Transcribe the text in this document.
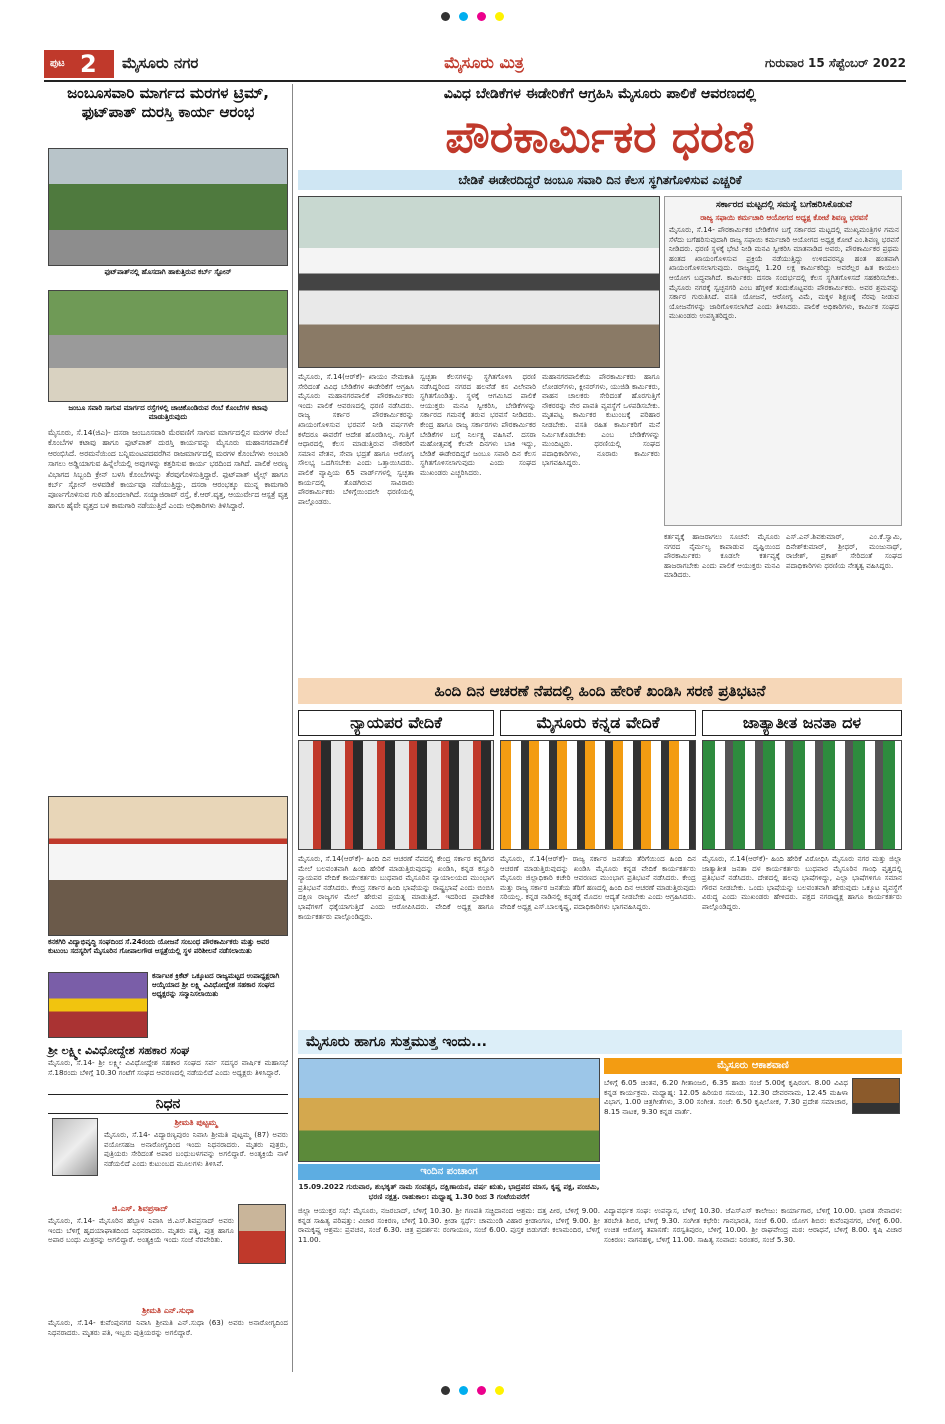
ಪುಟ 2 ಮೈಸೂರು ನಗರ	ಮೈಸೂರು ಮಿತ್ರ	ಗುರುವಾರ 15 ಸೆಪ್ಟೆಂಬರ್ 2022
ಜಂಬೂಸವಾರಿ ಮಾರ್ಗದ ಮರಗಳ ಟ್ರಿಮ್, ಫುಟ್‌ಪಾತ್ ದುರಸ್ತಿ ಕಾರ್ಯ ಆರಂಭ
ಫುಟ್‌ಪಾತ್‌ನಲ್ಲಿ ಹೊಸದಾಗಿ ಹಾಕುತ್ತಿರುವ ಕರ್ಬ್ ಸ್ಟೋನ್
ಜಂಬೂ ಸವಾರಿ ಸಾಗುವ ಮಾರ್ಗದ ರಸ್ತೆಗಳಲ್ಲಿ ಚಾಚಿಕೊಂಡಿರುವ ರೆಂಬೆ ಕೊಂಬೆಗಳ ಕಟಾವು ಮಾಡುತ್ತಿರುವುದು
ಮೈಸೂರು, ಸೆ.14(ಜಿಎ)- ದಸರಾ ಜಂಬೂಸವಾರಿ ಮೆರವಣಿಗೆ ಸಾಗುವ ಮಾರ್ಗದಲ್ಲಿನ ಮರಗಳ ರೆಂಬೆ ಕೊಂಬೆಗಳ ಕಟಾವು ಹಾಗೂ ಫುಟ್‌ಪಾತ್ ದುರಸ್ತಿ ಕಾರ್ಯವನ್ನು ಮೈಸೂರು ಮಹಾನಗರಪಾಲಿಕೆ ಆರಂಭಿಸಿದೆ. ಅರಮನೆಯಿಂದ ಬನ್ನಿಮಂಟಪದವರೆಗಿನ ರಾಜಮಾರ್ಗದಲ್ಲಿ ಮರಗಳ ಕೊಂಬೆಗಳು ಅಂಬಾರಿ ಸಾಗಲು ಅಡ್ಡಿಯಾಗುವ ಹಿನ್ನೆಲೆಯಲ್ಲಿ ಅವುಗಳನ್ನು ಕತ್ತರಿಸುವ ಕಾರ್ಯ ಭರದಿಂದ ಸಾಗಿದೆ. ಪಾಲಿಕೆ ಅರಣ್ಯ ವಿಭಾಗದ ಸಿಬ್ಬಂದಿ ಕ್ರೇನ್ ಬಳಸಿ ಕೊಂಬೆಗಳನ್ನು ತೆರವುಗೊಳಿಸುತ್ತಿದ್ದಾರೆ. ಫುಟ್‌ಪಾತ್ ಟೈಲ್ಸ್ ಹಾಗೂ ಕರ್ಬ್ ಸ್ಟೋನ್ ಅಳವಡಿಕೆ ಕಾರ್ಯವೂ ನಡೆಯುತ್ತಿದ್ದು, ದಸರಾ ಆರಂಭಕ್ಕೂ ಮುನ್ನ ಕಾಮಗಾರಿ ಪೂರ್ಣಗೊಳಿಸುವ ಗುರಿ ಹೊಂದಲಾಗಿದೆ. ಸಯ್ಯಾಜಿರಾವ್ ರಸ್ತೆ, ಕೆ.ಆರ್.ವೃತ್ತ, ಆಯುರ್ವೇದ ಆಸ್ಪತ್ರೆ ವೃತ್ತ ಹಾಗೂ ಹೈವೇ ವೃತ್ತದ ಬಳಿ ಕಾಮಗಾರಿ ನಡೆಯುತ್ತಿದೆ ಎಂದು ಅಧಿಕಾರಿಗಳು ತಿಳಿಸಿದ್ದಾರೆ.
ಕನಕಗಿರಿ ವಿದ್ಯಾಭಿವೃದ್ಧಿ ಸಂಘದಿಂದ ಸೆ.24ರಂದು ಯೋಜನೆ ಸಂಬಂಧ ಪೌರಕಾರ್ಮಿಕರು ಮತ್ತು ಅವರ ಕುಟುಂಬ ಸದಸ್ಯರಿಗೆ ಮೈಸೂರಿನ ಗೋಪಾಲಗೌಡ ಆಸ್ಪತ್ರೆಯಲ್ಲಿ ಸ್ಥಳ ಪರಿಶೀಲನೆ ನಡೆಸಲಾಯಿತು
ಕರ್ನಾಟಕ ಕ್ರಿಕೆಟ್ ಒಕ್ಕೂಟದ ರಾಜ್ಯಮಟ್ಟದ ಉಪಾಧ್ಯಕ್ಷರಾಗಿ ಆಯ್ಕೆಯಾದ ಶ್ರೀ ಲಕ್ಷ್ಮಿ ವಿವಿಧೋದ್ದೇಶ ಸಹಕಾರ ಸಂಘದ ಅಧ್ಯಕ್ಷರನ್ನು ಸನ್ಮಾನಿಸಲಾಯಿತು
ಶ್ರೀ ಲಕ್ಷ್ಮೀ ವಿವಿಧೋದ್ದೇಶ ಸಹಕಾರ ಸಂಘ
ಮೈಸೂರು, ಸೆ.14- ಶ್ರೀ ಲಕ್ಷ್ಮೀ ವಿವಿಧೋದ್ದೇಶ ಸಹಕಾರ ಸಂಘದ ಸರ್ವ ಸದಸ್ಯರ ವಾರ್ಷಿಕ ಮಹಾಸಭೆ ಸೆ.18ರಂದು ಬೆಳಿಗ್ಗೆ 10.30 ಗಂಟೆಗೆ ಸಂಘದ ಆವರಣದಲ್ಲಿ ನಡೆಯಲಿದೆ ಎಂದು ಅಧ್ಯಕ್ಷರು ತಿಳಿಸಿದ್ದಾರೆ.
ನಿಧನ
ಶ್ರೀಮತಿ ಪುಟ್ಟಮ್ಮ
ಮೈಸೂರು, ಸೆ.14- ವಿದ್ಯಾರಣ್ಯಪುರಂ ನಿವಾಸಿ ಶ್ರೀಮತಿ ಪುಟ್ಟಮ್ಮ (87) ಅವರು ವಯೋಸಹಜ ಅನಾರೋಗ್ಯದಿಂದ ಇಂದು ನಿಧನರಾದರು. ಮೃತರು ಪುತ್ರರು, ಪುತ್ರಿಯರು ಸೇರಿದಂತೆ ಅಪಾರ ಬಂಧುಬಳಗವನ್ನು ಅಗಲಿದ್ದಾರೆ. ಅಂತ್ಯಕ್ರಿಯೆ ನಾಳೆ ನಡೆಯಲಿದೆ ಎಂದು ಕುಟುಂಬದ ಮೂಲಗಳು ತಿಳಿಸಿವೆ.
ಜಿ.ಎಸ್. ಶಿವಪ್ರಸಾದ್
ಮೈಸೂರು, ಸೆ.14- ಮೈಸೂರಿನ ಹೆಬ್ಬಾಳ ನಿವಾಸಿ ಜಿ.ಎಸ್.ಶಿವಪ್ರಸಾದ್ ಅವರು ಇಂದು ಬೆಳಿಗ್ಗೆ ಹೃದಯಾಘಾತದಿಂದ ನಿಧನರಾದರು. ಮೃತರು ಪತ್ನಿ, ಪುತ್ರ ಹಾಗೂ ಅಪಾರ ಬಂಧು ಮಿತ್ರರನ್ನು ಅಗಲಿದ್ದಾರೆ. ಅಂತ್ಯಕ್ರಿಯೆ ಇಂದು ಸಂಜೆ ನೆರವೇರಿತು.
ಶ್ರೀಮತಿ ಎನ್.ಸುಧಾ
ಮೈಸೂರು, ಸೆ.14- ಕುವೆಂಪುನಗರ ನಿವಾಸಿ ಶ್ರೀಮತಿ ಎನ್.ಸುಧಾ (63) ಅವರು ಅನಾರೋಗ್ಯದಿಂದ ನಿಧನರಾದರು. ಮೃತರು ಪತಿ, ಇಬ್ಬರು ಪುತ್ರಿಯರನ್ನು ಅಗಲಿದ್ದಾರೆ.
ವಿವಿಧ ಬೇಡಿಕೆಗಳ ಈಡೇರಿಕೆಗೆ ಆಗ್ರಹಿಸಿ ಮೈಸೂರು ಪಾಲಿಕೆ ಆವರಣದಲ್ಲಿ
ಪೌರಕಾರ್ಮಿಕರ ಧರಣಿ
ಬೇಡಿಕೆ ಈಡೇರದಿದ್ದರೆ ಜಂಬೂ ಸವಾರಿ ದಿನ ಕೆಲಸ ಸ್ಥಗಿತಗೊಳಿಸುವ ಎಚ್ಚರಿಕೆ
ಮೈಸೂರು, ಸೆ.14(ಆರ್‌ಕೆ)- ಖಾಯಂ ನೇಮಕಾತಿ ಸೇರಿದಂತೆ ವಿವಿಧ ಬೇಡಿಕೆಗಳ ಈಡೇರಿಕೆಗೆ ಆಗ್ರಹಿಸಿ ಮೈಸೂರು ಮಹಾನಗರಪಾಲಿಕೆ ಪೌರಕಾರ್ಮಿಕರು ಇಂದು ಪಾಲಿಕೆ ಆವರಣದಲ್ಲಿ ಧರಣಿ ನಡೆಸಿದರು. ರಾಜ್ಯ ಸರ್ಕಾರ ಪೌರಕಾರ್ಮಿಕರನ್ನು ಖಾಯಂಗೊಳಿಸುವ ಭರವಸೆ ನೀಡಿ ವರ್ಷಗಳೇ ಕಳೆದರೂ ಈವರೆಗೆ ಆದೇಶ ಹೊರಡಿಸಿಲ್ಲ. ಗುತ್ತಿಗೆ ಆಧಾರದಲ್ಲಿ ಕೆಲಸ ಮಾಡುತ್ತಿರುವ ನೌಕರರಿಗೆ ಸಮಾನ ವೇತನ, ಸೇವಾ ಭದ್ರತೆ ಹಾಗೂ ಆರೋಗ್ಯ ಸೌಲಭ್ಯ ಒದಗಿಸಬೇಕು ಎಂದು ಒತ್ತಾಯಿಸಿದರು. ಪಾಲಿಕೆ ವ್ಯಾಪ್ತಿಯ 65 ವಾರ್ಡ್‌ಗಳಲ್ಲಿ ಸ್ವಚ್ಛತಾ ಕಾರ್ಯದಲ್ಲಿ ತೊಡಗಿರುವ ಸಾವಿರಾರು ಪೌರಕಾರ್ಮಿಕರು ಬೆಳಿಗ್ಗೆಯಿಂದಲೇ ಧರಣಿಯಲ್ಲಿ ಪಾಲ್ಗೊಂಡರು.
ಸ್ವಚ್ಛತಾ ಕೆಲಸಗಳನ್ನು ಸ್ಥಗಿತಗೊಳಿಸಿ ಧರಣಿ ನಡೆಸಿದ್ದರಿಂದ ನಗರದ ಹಲವೆಡೆ ಕಸ ವಿಲೇವಾರಿ ಸ್ಥಗಿತಗೊಂಡಿತ್ತು. ಸ್ಥಳಕ್ಕೆ ಆಗಮಿಸಿದ ಪಾಲಿಕೆ ಆಯುಕ್ತರು ಮನವಿ ಸ್ವೀಕರಿಸಿ, ಬೇಡಿಕೆಗಳನ್ನು ಸರ್ಕಾರದ ಗಮನಕ್ಕೆ ತರುವ ಭರವಸೆ ನೀಡಿದರು. ಕೇಂದ್ರ ಹಾಗೂ ರಾಜ್ಯ ಸರ್ಕಾರಗಳು ಪೌರಕಾರ್ಮಿಕರ ಬೇಡಿಕೆಗಳ ಬಗ್ಗೆ ನಿರ್ಲಕ್ಷ್ಯ ವಹಿಸಿವೆ. ದಸರಾ ಮಹೋತ್ಸವಕ್ಕೆ ಕೆಲವೇ ದಿನಗಳು ಬಾಕಿ ಇದ್ದು, ಬೇಡಿಕೆ ಈಡೇರದಿದ್ದರೆ ಜಂಬೂ ಸವಾರಿ ದಿನ ಕೆಲಸ ಸ್ಥಗಿತಗೊಳಿಸಲಾಗುವುದು ಎಂದು ಸಂಘದ ಮುಖಂಡರು ಎಚ್ಚರಿಸಿದರು.
ಮಹಾನಗರಪಾಲಿಕೆಯ ಪೌರಕಾರ್ಮಿಕರು ಹಾಗೂ ಲೋಡರ್‌ಗಳು, ಕ್ಲೀನರ್‌ಗಳು, ಯುಜಿಡಿ ಕಾರ್ಮಿಕರು, ವಾಹನ ಚಾಲಕರು ಸೇರಿದಂತೆ ಹೊರಗುತ್ತಿಗೆ ನೌಕರರನ್ನು ನೇರ ಪಾವತಿ ವ್ಯವಸ್ಥೆಗೆ ಒಳಪಡಿಸಬೇಕು. ಮೃತಪಟ್ಟ ಕಾರ್ಮಿಕರ ಕುಟುಂಬಕ್ಕೆ ಪರಿಹಾರ ನೀಡಬೇಕು. ವಸತಿ ರಹಿತ ಕಾರ್ಮಿಕರಿಗೆ ಮನೆ ನಿರ್ಮಿಸಿಕೊಡಬೇಕು ಎಂಬ ಬೇಡಿಕೆಗಳನ್ನು ಮುಂದಿಟ್ಟರು. ಧರಣಿಯಲ್ಲಿ ಸಂಘದ ಪದಾಧಿಕಾರಿಗಳು, ನೂರಾರು ಕಾರ್ಮಿಕರು ಭಾಗವಹಿಸಿದ್ದರು.
ಸರ್ಕಾರದ ಮಟ್ಟದಲ್ಲಿ ಸಮಸ್ಯೆ ಬಗೆಹರಿಸಿಕೊಡುವೆ
ರಾಜ್ಯ ಸಫಾಯಿ ಕರ್ಮಚಾರಿ ಆಯೋಗದ ಅಧ್ಯಕ್ಷ ಕೋಟೆ ಶಿವಣ್ಣ ಭರವಸೆ
ಮೈಸೂರು, ಸೆ.14- ಪೌರಕಾರ್ಮಿಕರ ಬೇಡಿಕೆಗಳ ಬಗ್ಗೆ ಸರ್ಕಾರದ ಮಟ್ಟದಲ್ಲಿ ಮುಖ್ಯಮಂತ್ರಿಗಳ ಗಮನ ಸೆಳೆದು ಬಗೆಹರಿಸುವುದಾಗಿ ರಾಜ್ಯ ಸಫಾಯಿ ಕರ್ಮಚಾರಿ ಆಯೋಗದ ಅಧ್ಯಕ್ಷ ಕೋಟೆ ಎಂ.ಶಿವಣ್ಣ ಭರವಸೆ ನೀಡಿದರು. ಧರಣಿ ಸ್ಥಳಕ್ಕೆ ಭೇಟಿ ನೀಡಿ ಮನವಿ ಸ್ವೀಕರಿಸಿ ಮಾತನಾಡಿದ ಅವರು, ಪೌರಕಾರ್ಮಿಕರ ಪ್ರಥಮ ಹಂತದ ಖಾಯಂಗೊಳಿಸುವ ಪ್ರಕ್ರಿಯೆ ನಡೆಯುತ್ತಿದ್ದು ಉಳಿದವರನ್ನೂ ಹಂತ ಹಂತವಾಗಿ ಖಾಯಂಗೊಳಿಸಲಾಗುವುದು. ರಾಜ್ಯದಲ್ಲಿ 1.20 ಲಕ್ಷ ಕಾರ್ಮಿಕರಿದ್ದು ಅವರೆಲ್ಲರ ಹಿತ ಕಾಯಲು ಆಯೋಗ ಬದ್ಧವಾಗಿದೆ. ಕಾರ್ಮಿಕರು ದಸರಾ ಸಂದರ್ಭದಲ್ಲಿ ಕೆಲಸ ಸ್ಥಗಿತಗೊಳಿಸದೆ ಸಹಕರಿಸಬೇಕು. ಮೈಸೂರು ನಗರಕ್ಕೆ ಸ್ವಚ್ಛನಗರಿ ಎಂಬ ಹೆಗ್ಗಳಿಕೆ ತಂದುಕೊಟ್ಟವರು ಪೌರಕಾರ್ಮಿಕರು. ಅವರ ಶ್ರಮವನ್ನು ಸರ್ಕಾರ ಗುರುತಿಸಿದೆ. ವಸತಿ ಯೋಜನೆ, ಆರೋಗ್ಯ ವಿಮೆ, ಮಕ್ಕಳ ಶಿಕ್ಷಣಕ್ಕೆ ನೆರವು ನೀಡುವ ಯೋಜನೆಗಳನ್ನು ಜಾರಿಗೊಳಿಸಲಾಗಿದೆ ಎಂದು ತಿಳಿಸಿದರು. ಪಾಲಿಕೆ ಅಧಿಕಾರಿಗಳು, ಕಾರ್ಮಿಕ ಸಂಘದ ಮುಖಂಡರು ಉಪಸ್ಥಿತರಿದ್ದರು.
ಕರ್ತವ್ಯಕ್ಕೆ ಹಾಜರಾಗಲು ಸೂಚನೆ: ಮೈಸೂರು ನಗರದ ನೈರ್ಮಲ್ಯ ಕಾಪಾಡುವ ದೃಷ್ಟಿಯಿಂದ ಪೌರಕಾರ್ಮಿಕರು ಕೂಡಲೇ ಕರ್ತವ್ಯಕ್ಕೆ ಹಾಜರಾಗಬೇಕು ಎಂದು ಪಾಲಿಕೆ ಆಯುಕ್ತರು ಮನವಿ ಮಾಡಿದರು.
ಎಸ್.ಎನ್.ಶಿವಕುಮಾರ್, ಎಂ.ಕೆ.ಸ್ವಾಮಿ, ದಿನೇಶ್‌ಕುಮಾರ್, ಶ್ರೀಧರ್, ಮಂಜುನಾಥ್, ರಾಜೇಶ್, ಪ್ರಕಾಶ್ ಸೇರಿದಂತೆ ಸಂಘದ ಪದಾಧಿಕಾರಿಗಳು ಧರಣಿಯ ನೇತೃತ್ವ ವಹಿಸಿದ್ದರು.
ಹಿಂದಿ ದಿನ ಆಚರಣೆ ನೆಪದಲ್ಲಿ ಹಿಂದಿ ಹೇರಿಕೆ ಖಂಡಿಸಿ ಸರಣಿ ಪ್ರತಿಭಟನೆ
ನ್ಯಾಯಪರ ವೇದಿಕೆ	ಮೈಸೂರು ಕನ್ನಡ ವೇದಿಕೆ	ಜಾತ್ಯಾತೀತ ಜನತಾ ದಳ
ಮೈಸೂರು, ಸೆ.14(ಆರ್‌ಕೆ)- ಹಿಂದಿ ದಿನ ಆಚರಣೆ ನೆಪದಲ್ಲಿ ಕೇಂದ್ರ ಸರ್ಕಾರ ಕನ್ನಡಿಗರ ಮೇಲೆ ಬಲವಂತವಾಗಿ ಹಿಂದಿ ಹೇರಿಕೆ ಮಾಡುತ್ತಿರುವುದನ್ನು ಖಂಡಿಸಿ, ಕನ್ನಡ ಕಸ್ತೂರಿ ನ್ಯಾಯಪರ ವೇದಿಕೆ ಕಾರ್ಯಕರ್ತರು ಬುಧವಾರ ಮೈಸೂರಿನ ನ್ಯಾಯಾಲಯದ ಮುಂಭಾಗ ಪ್ರತಿಭಟನೆ ನಡೆಸಿದರು. ಕೇಂದ್ರ ಸರ್ಕಾರ ಹಿಂದಿ ಭಾಷೆಯನ್ನು ರಾಷ್ಟ್ರಭಾಷೆ ಎಂದು ಬಿಂಬಿಸಿ ದಕ್ಷಿಣ ರಾಜ್ಯಗಳ ಮೇಲೆ ಹೇರುವ ಪ್ರಯತ್ನ ಮಾಡುತ್ತಿದೆ. ಇದರಿಂದ ಪ್ರಾದೇಶಿಕ ಭಾಷೆಗಳಿಗೆ ಧಕ್ಕೆಯಾಗುತ್ತಿದೆ ಎಂದು ಆರೋಪಿಸಿದರು. ವೇದಿಕೆ ಅಧ್ಯಕ್ಷ ಹಾಗೂ ಕಾರ್ಯಕರ್ತರು ಪಾಲ್ಗೊಂಡಿದ್ದರು.
ಮೈಸೂರು, ಸೆ.14(ಆರ್‌ಕೆ)- ರಾಜ್ಯ ಸರ್ಕಾರ ಜನತೆಯ ತೆರಿಗೆಯಿಂದ ಹಿಂದಿ ದಿನ ಆಚರಣೆ ಮಾಡುತ್ತಿರುವುದನ್ನು ಖಂಡಿಸಿ ಮೈಸೂರು ಕನ್ನಡ ವೇದಿಕೆ ಕಾರ್ಯಕರ್ತರು ಮೈಸೂರು ಜಿಲ್ಲಾಧಿಕಾರಿ ಕಚೇರಿ ಆವರಣದ ಮುಂಭಾಗ ಪ್ರತಿಭಟನೆ ನಡೆಸಿದರು. ಕೇಂದ್ರ ಮತ್ತು ರಾಜ್ಯ ಸರ್ಕಾರ ಜನತೆಯ ತೆರಿಗೆ ಹಣದಲ್ಲಿ ಹಿಂದಿ ದಿನ ಆಚರಣೆ ಮಾಡುತ್ತಿರುವುದು ಸರಿಯಲ್ಲ. ಕನ್ನಡ ನಾಡಿನಲ್ಲಿ ಕನ್ನಡಕ್ಕೆ ಮೊದಲ ಆದ್ಯತೆ ನೀಡಬೇಕು ಎಂದು ಆಗ್ರಹಿಸಿದರು. ವೇದಿಕೆ ಅಧ್ಯಕ್ಷ ಎಸ್.ಬಾಲಕೃಷ್ಣ, ಪದಾಧಿಕಾರಿಗಳು ಭಾಗವಹಿಸಿದ್ದರು.
ಮೈಸೂರು, ಸೆ.14(ಆರ್‌ಕೆ)- ಹಿಂದಿ ಹೇರಿಕೆ ವಿರೋಧಿಸಿ ಮೈಸೂರು ನಗರ ಮತ್ತು ಜಿಲ್ಲಾ ಜಾತ್ಯಾತೀತ ಜನತಾ ದಳ ಕಾರ್ಯಕರ್ತರು ಬುಧವಾರ ಮೈಸೂರಿನ ಗಾಂಧಿ ವೃತ್ತದಲ್ಲಿ ಪ್ರತಿಭಟನೆ ನಡೆಸಿದರು. ದೇಶದಲ್ಲಿ ಹಲವು ಭಾಷೆಗಳಿದ್ದು, ಎಲ್ಲಾ ಭಾಷೆಗಳಿಗೂ ಸಮಾನ ಗೌರವ ನೀಡಬೇಕು. ಒಂದು ಭಾಷೆಯನ್ನು ಬಲವಂತವಾಗಿ ಹೇರುವುದು ಒಕ್ಕೂಟ ವ್ಯವಸ್ಥೆಗೆ ವಿರುದ್ಧ ಎಂದು ಮುಖಂಡರು ಹೇಳಿದರು. ಪಕ್ಷದ ನಗರಾಧ್ಯಕ್ಷ ಹಾಗೂ ಕಾರ್ಯಕರ್ತರು ಪಾಲ್ಗೊಂಡಿದ್ದರು.
ಮೈಸೂರು ಹಾಗೂ ಸುತ್ತಮುತ್ತ ಇಂದು...
ಇಂದಿನ ಪಂಚಾಂಗ
15.09.2022 ಗುರುವಾರ, ಶುಭಕೃತ್ ನಾಮ ಸಂವತ್ಸರ, ದಕ್ಷಿಣಾಯನ, ವರ್ಷ ಋತು, ಭಾದ್ರಪದ ಮಾಸ, ಕೃಷ್ಣ ಪಕ್ಷ, ಪಂಚಮಿ, ಭರಣಿ ನಕ್ಷತ್ರ. ರಾಹುಕಾಲ: ಮಧ್ಯಾಹ್ನ 1.30 ರಿಂದ 3 ಗಂಟೆಯವರೆಗೆ
ಮೈಸೂರು ಆಕಾಶವಾಣಿ
ಬೆಳಿಗ್ಗೆ 6.05 ಚಿಂತನ, 6.20 ಗೀತಾಂಜಲಿ, 6.35 ಹಾಡು ಸಂಜೆ 5.00ಕ್ಕೆ ಕೃಷಿರಂಗ. 8.00 ವಿವಿಧ ಕನ್ನಡ ಕಾರ್ಯಕ್ರಮ. ಮಧ್ಯಾಹ್ನ: 12.05 ಹಿರಿಯರ ಸಮಯ, 12.30 ದೇವರನಾಮ, 12.45 ಮಹಿಳಾ ವಿಭಾಗ, 1.00 ಚಿತ್ರಗೀತೆಗಳು, 3.00 ಸಂಗೀತ. ಸಂಜೆ: 6.50 ಕೃಷಿಲೋಕ, 7.30 ಪ್ರದೇಶ ಸಮಾಚಾರ, 8.15 ನಾಟಕ, 9.30 ಕನ್ನಡ ವಾರ್ತೆ.
ಜಿಲ್ಲಾ ಆಯುಕ್ತರ ಸಭೆ: ಮೈಸೂರು, ನಜರಬಾದ್, ಬೆಳಿಗ್ಗೆ 10.30. ಶ್ರೀ ಗಣಪತಿ ಸಚ್ಚಿದಾನಂದ ಆಶ್ರಮ: ದತ್ತ ಪೀಠ, ಬೆಳಿಗ್ಗೆ 9.00. ಕನ್ನಡ ಸಾಹಿತ್ಯ ಪರಿಷತ್ತು: ವಿಚಾರ ಸಂಕಿರಣ, ಬೆಳಿಗ್ಗೆ 10.30. ಕ್ರೀಡಾ ಸ್ಪರ್ಧೆ: ಚಾಮುಂಡಿ ವಿಹಾರ ಕ್ರೀಡಾಂಗಣ, ಬೆಳಿಗ್ಗೆ 9.00. ಶ್ರೀ ರಾಮಕೃಷ್ಣ ಆಶ್ರಮ: ಪ್ರವಚನ, ಸಂಜೆ 6.30. ಚಿತ್ರ ಪ್ರದರ್ಶನ: ರಂಗಾಯಣ, ಸಂಜೆ 6.00. ಪುಸ್ತಕ ಬಿಡುಗಡೆ: ಕಲಾಮಂದಿರ, ಬೆಳಿಗ್ಗೆ 11.00.
ವಿದ್ಯಾವರ್ಧಕ ಸಂಘ: ಉಪನ್ಯಾಸ, ಬೆಳಿಗ್ಗೆ 10.30. ಜೆಎಸ್‌ಎಸ್ ಕಾಲೇಜು: ಕಾರ್ಯಾಗಾರ, ಬೆಳಿಗ್ಗೆ 10.00. ಭಾರತ ಸೇವಾದಳ: ತರಬೇತಿ ಶಿಬಿರ, ಬೆಳಿಗ್ಗೆ 9.30. ಸಂಗೀತ ಕಛೇರಿ: ಗಾನಭಾರತಿ, ಸಂಜೆ 6.00. ಯೋಗ ಶಿಬಿರ: ಕುವೆಂಪುನಗರ, ಬೆಳಿಗ್ಗೆ 6.00. ಉಚಿತ ಆರೋಗ್ಯ ತಪಾಸಣೆ: ಸರಸ್ವತಿಪುರಂ, ಬೆಳಿಗ್ಗೆ 10.00. ಶ್ರೀ ರಾಘವೇಂದ್ರ ಮಠ: ಆರಾಧನೆ, ಬೆಳಿಗ್ಗೆ 8.00. ಕೃಷಿ ವಿಚಾರ ಸಂಕಿರಣ: ನಾಗನಹಳ್ಳಿ, ಬೆಳಿಗ್ಗೆ 11.00. ಸಾಹಿತ್ಯ ಸಂವಾದ: ನಿರಂತರ, ಸಂಜೆ 5.30.
